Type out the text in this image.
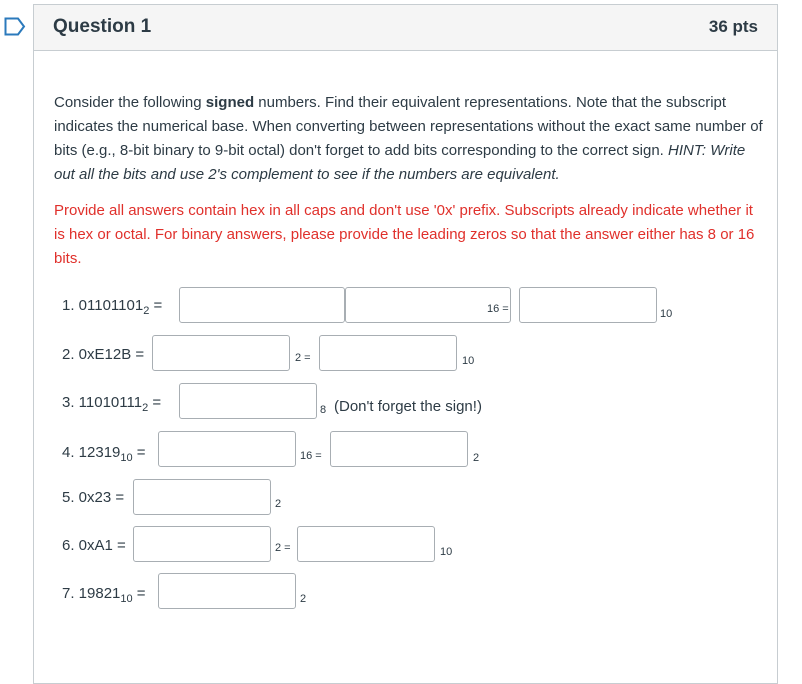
Question 1	36 pts
Consider the following signed numbers. Find their equivalent representations. Note that the subscript indicates the numerical base. When converting between representations without the exact same number of bits (e.g., 8-bit binary to 9-bit octal) don't forget to add bits corresponding to the correct sign. HINT: Write out all the bits and use 2's complement to see if the numbers are equivalent.
Provide all answers contain hex in all caps and don't use '0x' prefix. Subscripts already indicate whether it is hex or octal. For binary answers, please provide the leading zeros so that the answer either has 8 or 16 bits.
1. $01101101_2$ =	16 =	10
2. 0xE12B =	2 =	10
3. $11010111_2$ =	8 (Don't forget the sign!)
4. $12319_{10}$ =	16 =	2
5. 0x23 =	2
6. 0xA1 =	2 =	10
7. $19821_{10}$ =	2
